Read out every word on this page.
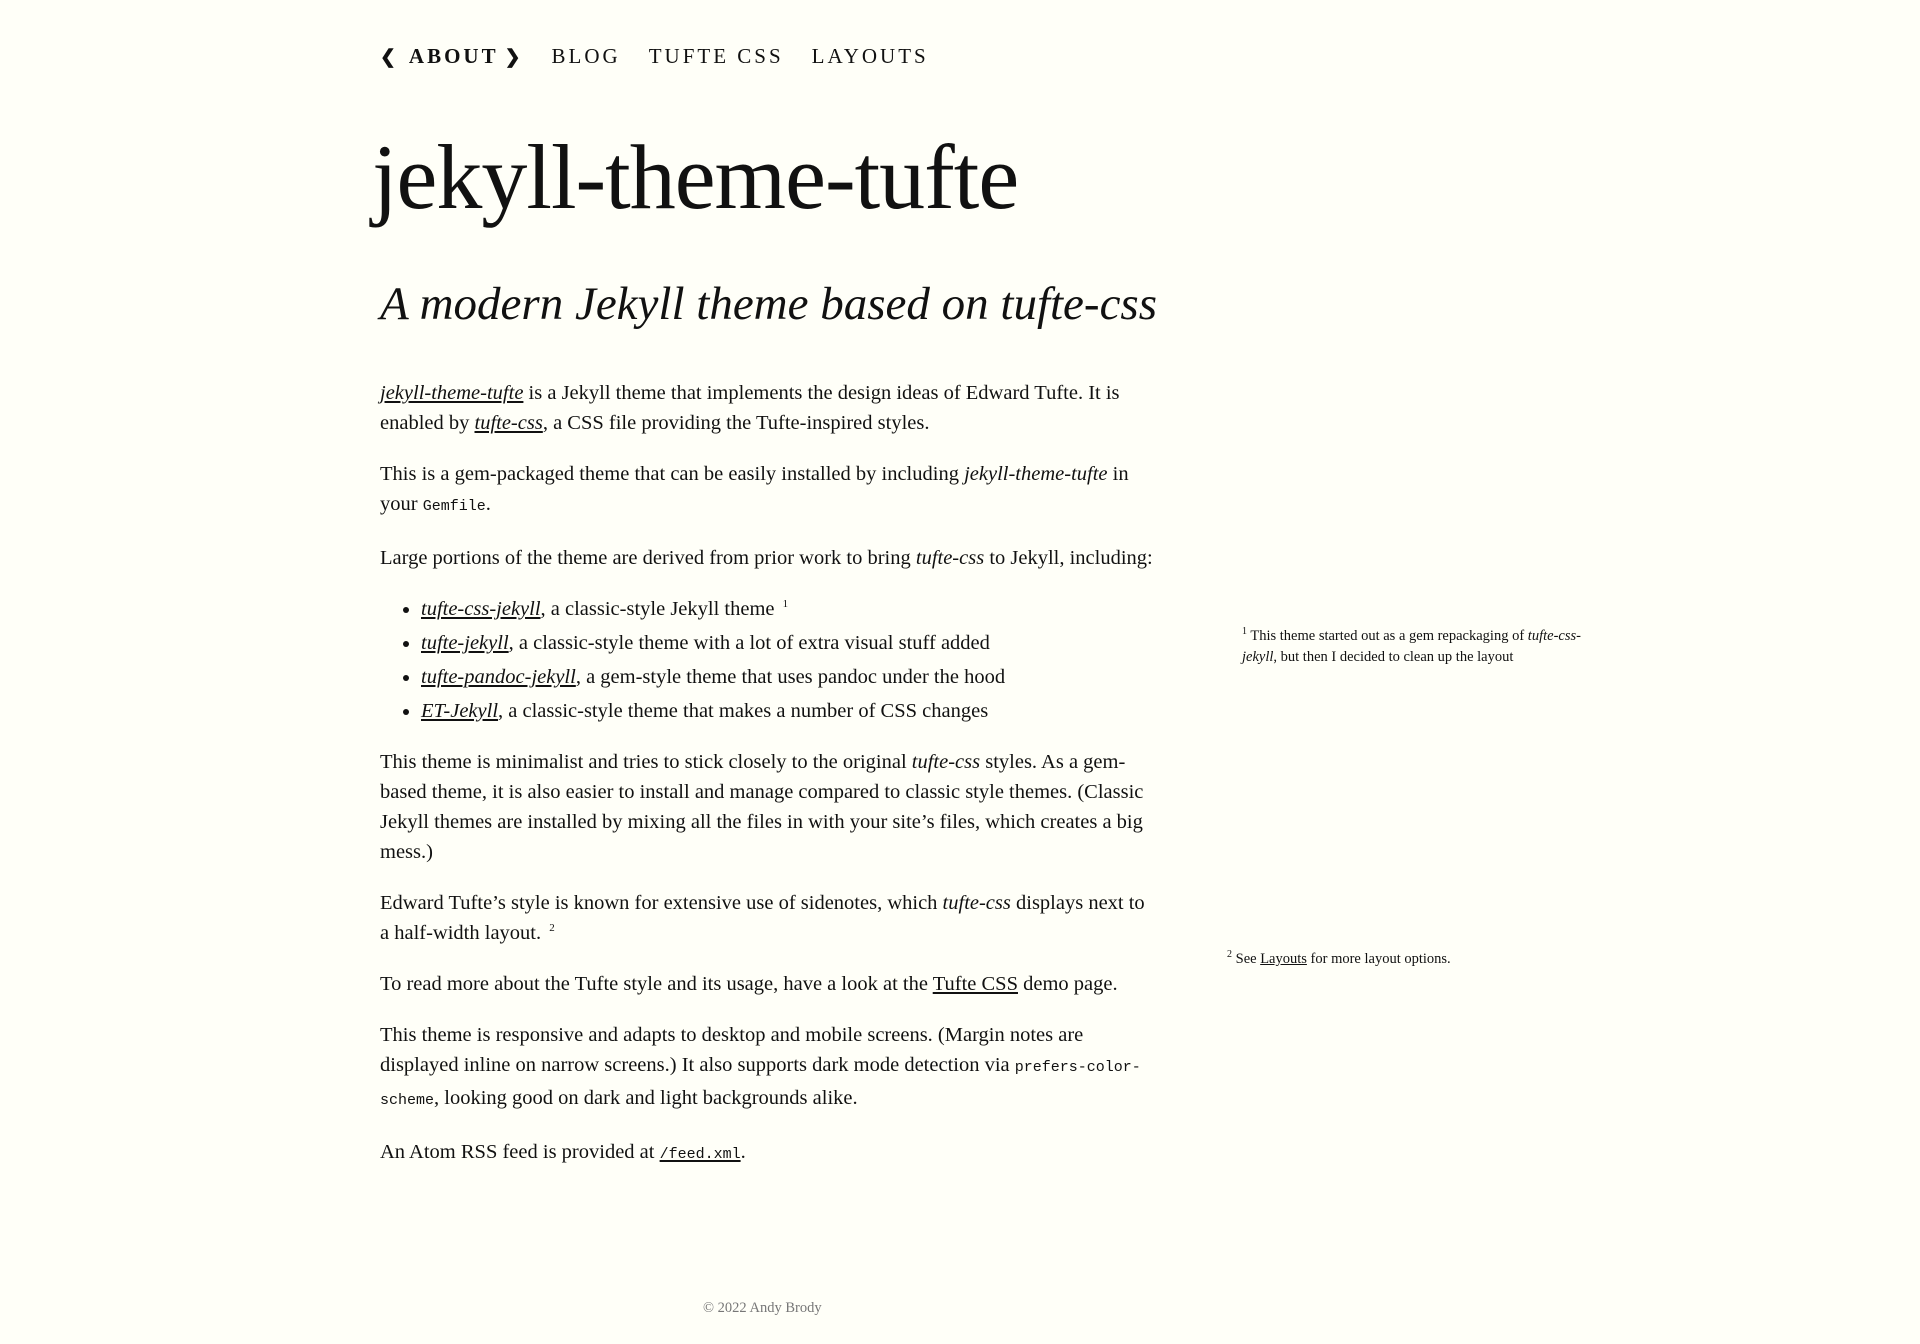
❮ ABOUT ❯ BLOG TUFTE CSS LAYOUTS
jekyll-theme-tufte
A modern Jekyll theme based on tufte-css

jekyll-theme-tufte is a Jekyll theme that implements the design ideas of Edward Tufte. It is enabled by tufte-css, a CSS file providing the Tufte-inspired styles.

This is a gem-packaged theme that can be easily installed by including jekyll-theme-tufte in your Gemfile.

Large portions of the theme are derived from prior work to bring tufte-css to Jekyll, including:

• tufte-css-jekyll, a classic-style Jekyll theme $^1$
• tufte-jekyll, a classic-style theme with a lot of extra visual stuff added
• tufte-pandoc-jekyll, a gem-style theme that uses pandoc under the hood
• ET-Jekyll, a classic-style theme that makes a number of CSS changes

This theme is minimalist and tries to stick closely to the original tufte-css styles. As a gem-based theme, it is also easier to install and manage compared to classic style themes. (Classic Jekyll themes are installed by mixing all the files in with your site’s files, which creates a big mess.)

Edward Tufte’s style is known for extensive use of sidenotes, which tufte-css displays next to a half-width layout. $^2$

To read more about the Tufte style and its usage, have a look at the Tufte CSS demo page.

This theme is responsive and adapts to desktop and mobile screens. (Margin notes are displayed inline on narrow screens.) It also supports dark mode detection via prefers-color-scheme, looking good on dark and light backgrounds alike.

An Atom RSS feed is provided at /feed.xml.

$^1$ This theme started out as a gem repackaging of tufte-css-jekyll, but then I decided to clean up the layout
$^2$ See Layouts for more layout options.
© 2022 Andy Brody
